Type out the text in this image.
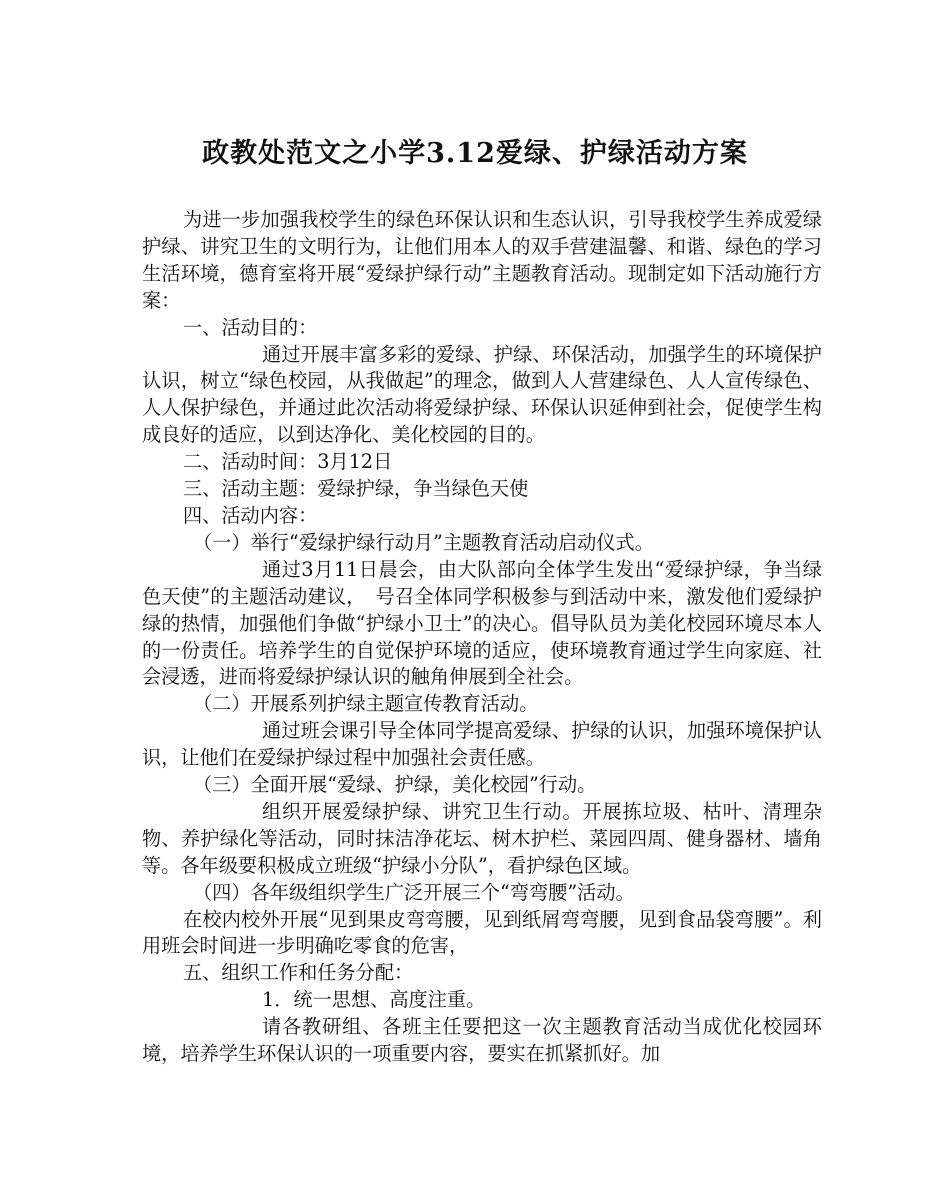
政教处范文之小学3.12爱绿、护绿活动方案

为进一步加强我校学生的绿色环保认识和生态认识，引导我校学生养成爱绿护绿、讲究卫生的文明行为，让他们用本人的双手营建温馨、和谐、绿色的学习生活环境，德育室将开展“爱绿护绿行动”主题教育活动。现制定如下活动施行方案：

一、活动目的：

通过开展丰富多彩的爱绿、护绿、环保活动，加强学生的环境保护认识，树立“绿色校园，从我做起”的理念，做到人人营建绿色、人人宣传绿色、人人保护绿色，并通过此次活动将爱绿护绿、环保认识延伸到社会，促使学生构成良好的适应，以到达净化、美化校园的目的。

二、活动时间：3月12日

三、活动主题：爱绿护绿，争当绿色天使

四、活动内容：

（一）举行“爱绿护绿行动月”主题教育活动启动仪式。

通过3月11日晨会，由大队部向全体学生发出“爱绿护绿，争当绿色天使”的主题活动建议，　号召全体同学积极参与到活动中来，激发他们爱绿护绿的热情，加强他们争做“护绿小卫士”的决心。倡导队员为美化校园环境尽本人的一份责任。培养学生的自觉保护环境的适应，使环境教育通过学生向家庭、社会浸透，进而将爱绿护绿认识的触角伸展到全社会。

（二）开展系列护绿主题宣传教育活动。

通过班会课引导全体同学提高爱绿、护绿的认识，加强环境保护认识，让他们在爱绿护绿过程中加强社会责任感。

（三）全面开展“爱绿、护绿，美化校园”行动。

组织开展爱绿护绿、讲究卫生行动。开展拣垃圾、枯叶、清理杂物、养护绿化等活动，同时抹洁净花坛、树木护栏、菜园四周、健身器材、墙角等。各年级要积极成立班级“护绿小分队”，看护绿色区域。

（四）各年级组织学生广泛开展三个“弯弯腰”活动。

在校内校外开展“见到果皮弯弯腰，见到纸屑弯弯腰，见到食品袋弯腰”。利用班会时间进一步明确吃零食的危害，

五、组织工作和任务分配：

1．统一思想、高度注重。

请各教研组、各班主任要把这一次主题教育活动当成优化校园环境，培养学生环保认识的一项重要内容，要实在抓紧抓好。加
